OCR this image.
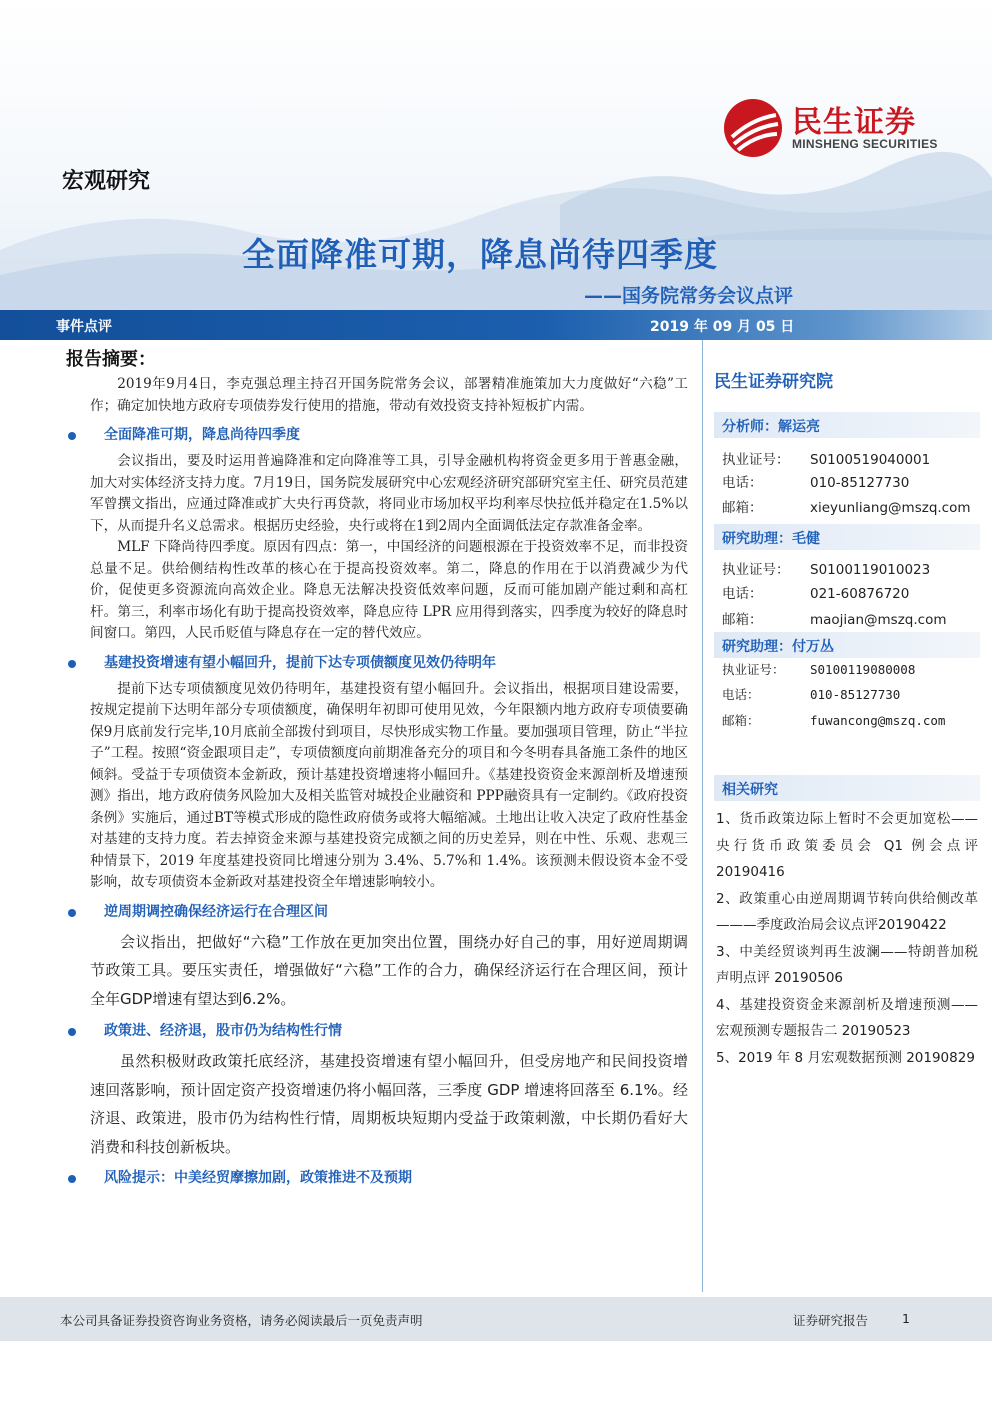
民生证券
MINSHENG SECURITIES
宏观研究
全面降准可期，降息尚待四季度
——国务院常务会议点评
事件点评	2019 年 09 月 05 日
报告摘要：

2019年9月4日，李克强总理主持召开国务院常务会议，部署精准施策加大力度做好“六稳”工作；确定加快地方政府专项债券发行使用的措施，带动有效投资支持补短板扩内需。

全面降准可期，降息尚待四季度

会议指出，要及时运用普遍降准和定向降准等工具，引导金融机构将资金更多用于普惠金融，加大对实体经济支持力度。7月19日，国务院发展研究中心宏观经济研究部研究室主任、研究员范建军曾撰文指出，应通过降准或扩大央行再贷款，将同业市场加权平均利率尽快拉低并稳定在1.5%以下，从而提升名义总需求。根据历史经验，央行或将在1到2周内全面调低法定存款准备金率。

MLF 下降尚待四季度。原因有四点：第一，中国经济的问题根源在于投资效率不足，而非投资总量不足。供给侧结构性改革的核心在于提高投资效率。第二，降息的作用在于以消费减少为代价，促使更多资源流向高效企业。降息无法解决投资低效率问题，反而可能加剧产能过剩和高杠杆。第三，利率市场化有助于提高投资效率，降息应待 LPR 应用得到落实，四季度为较好的降息时间窗口。第四，人民币贬值与降息存在一定的替代效应。

基建投资增速有望小幅回升，提前下达专项债额度见效仍待明年

提前下达专项债额度见效仍待明年，基建投资有望小幅回升。会议指出，根据项目建设需要，按规定提前下达明年部分专项债额度，确保明年初即可使用见效，今年限额内地方政府专项债要确保9月底前发行完毕,10月底前全部拨付到项目，尽快形成实物工作量。要加强项目管理，防止“半拉子”工程。按照“资金跟项目走”，专项债额度向前期准备充分的项目和今冬明春具备施工条件的地区倾斜。受益于专项债资本金新政，预计基建投资增速将小幅回升。《基建投资资金来源剖析及增速预测》指出，地方政府债务风险加大及相关监管对城投企业融资和 PPP融资具有一定制约。《政府投资条例》实施后，通过BT等模式形成的隐性政府债务或将大幅缩减。土地出让收入决定了政府性基金对基建的支持力度。若去掉资金来源与基建投资完成额之间的历史差异，则在中性、乐观、悲观三种情景下，2019 年度基建投资同比增速分别为 3.4%、5.7%和 1.4%。该预测未假设资本金不受影响，故专项债资本金新政对基建投资全年增速影响较小。

逆周期调控确保经济运行在合理区间

会议指出，把做好“六稳”工作放在更加突出位置，围绕办好自己的事，用好逆周期调节政策工具。要压实责任，增强做好“六稳”工作的合力，确保经济运行在合理区间，预计全年GDP增速有望达到6.2%。

政策进、经济退，股市仍为结构性行情

虽然积极财政政策托底经济，基建投资增速有望小幅回升，但受房地产和民间投资增速回落影响，预计固定资产投资增速仍将小幅回落，三季度 GDP 增速将回落至 6.1%。经济退、政策进，股市仍为结构性行情，周期板块短期内受益于政策刺激，中长期仍看好大消费和科技创新板块。

风险提示：中美经贸摩擦加剧，政策推进不及预期
民生证券研究院
分析师：解运亮
执业证号： S0100519040001
电话：	010-85127730
邮箱：	xieyunliang@mszq.com
研究助理：毛健
执业证号： S0100119010023
电话：	021-60876720
邮箱：	maojian@mszq.com
研究助理：付万丛
执业证号： S0100119080008
电话：	010-85127730
邮箱：	fuwancong@mszq.com
相关研究
1、货币政策边际上暂时不会更加宽松——央行货币政策委员会 Q1 例会点评 20190416
2、政策重心由逆周期调节转向供给侧改革———季度政治局会议点评20190422
3、中美经贸谈判再生波澜——特朗普加税声明点评 20190506
4、基建投资资金来源剖析及增速预测——宏观预测专题报告二 20190523
5、2019 年 8 月宏观数据预测 20190829
本公司具备证券投资咨询业务资格，请务必阅读最后一页免责声明	证券研究报告	1
